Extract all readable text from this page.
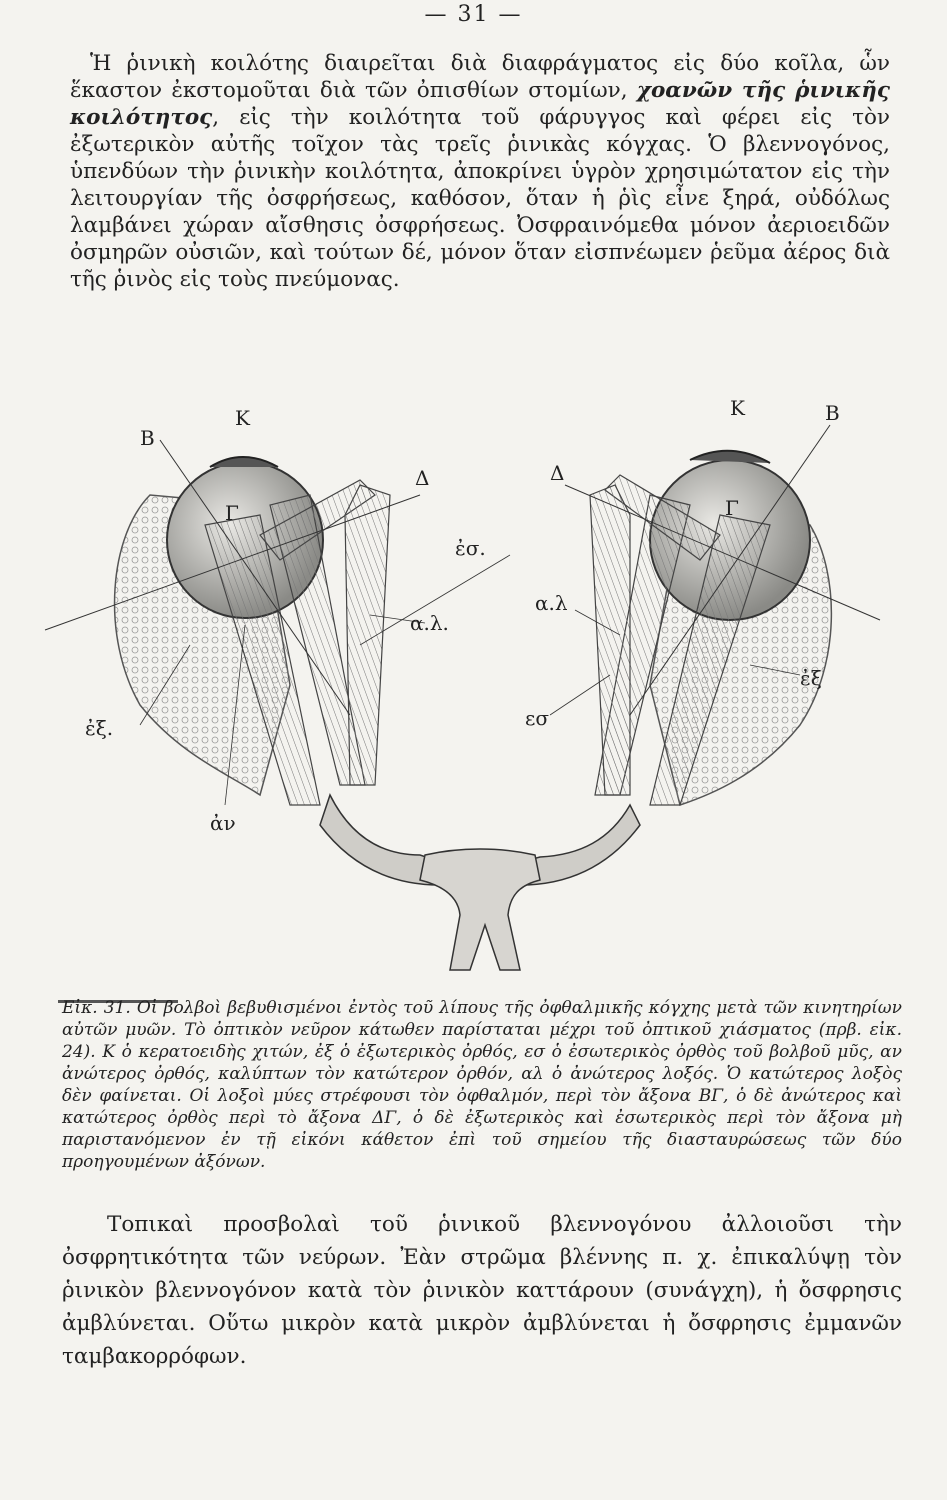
— 31 —

Ἡ ῥινικὴ κοιλότης διαιρεῖται διὰ διαφράγματος εἰς δύο κοῖλα, ὧν ἕκαστον ἐκστομοῦται διὰ τῶν ὀπισθίων στομίων, χοανῶν τῆς ῥινικῆς κοιλότητος, εἰς τὴν κοιλότητα τοῦ φάρυγγος καὶ φέρει εἰς τὸν ἐξωτερικὸν αὐτῆς τοῖχον τὰς τρεῖς ῥινικὰς κόγχας. Ὁ βλεννογόνος, ὑπενδύων τὴν ῥινικὴν κοιλότητα, ἀποκρίνει ὑγρὸν χρησιμώτατον εἰς τὴν λειτουργίαν τῆς ὀσφρήσεως, καθόσον, ὅταν ἡ ῥὶς εἶνε ξηρά, οὐδόλως λαμβάνει χώραν αἴσθησις ὀσφρήσεως. Ὀσφραινόμεθα μόνον ἀεριοειδῶν ὀσμηρῶν οὐσιῶν, καὶ τούτων δέ, μόνον ὅταν εἰσπνέωμεν ῥεῦμα ἀέρος διὰ τῆς ῥινὸς εἰς τοὺς πνεύμονας.

Β
Κ
Γ
Δ
ἐσ.
α.λ.
ἐξ.
ἀν
Κ	Β
Δ
Γ
α.λ
ἐξ
εσ
Εἰκ. 31. Οἱ βολβοὶ βεβυθισμένοι ἐντὸς τοῦ λίπους τῆς ὀφθαλμικῆς κόγχης μετὰ τῶν κινητηρίων αὐτῶν μυῶν. Τὸ ὀπτικὸν νεῦρον κάτωθεν παρίσταται μέχρι τοῦ ὀπτικοῦ χιάσματος (πρβ. εἰκ. 24). Κ ὁ κερατοειδὴς χιτών, ἐξ ὁ ἐξωτερικὸς ὀρθός, εσ ὁ ἐσωτερικὸς ὀρθὸς τοῦ βολβοῦ μῦς, αν ἀνώτερος ὀρθός, καλύπτων τὸν κατώτερον ὀρθόν, αλ ὁ ἀνώτερος λοξός. Ὁ κατώτερος λοξὸς δὲν φαίνεται. Οἱ λοξοὶ μύες στρέφουσι τὸν ὀφθαλμόν, περὶ τὸν ἄξονα ΒΓ, ὁ δὲ ἀνώτερος καὶ κατώτερος ὀρθὸς περὶ τὸ ἄξονα ΔΓ, ὁ δὲ ἐξωτερικὸς καὶ ἐσωτερικὸς περὶ τὸν ἄξονα μὴ παριστανόμενον ἐν τῇ εἰκόνι κάθετον ἐπὶ τοῦ σημείου τῆς διασταυρώσεως τῶν δύο προηγουμένων ἀξόνων.

Τοπικαὶ προσβολαὶ τοῦ ῥινικοῦ βλεννογόνου ἀλλοιοῦσι τὴν ὀσφρητικότητα τῶν νεύρων. Ἐὰν στρῶμα βλέννης π. χ. ἐπικαλύψῃ τὸν ῥινικὸν βλεννογόνον κατὰ τὸν ῥινικὸν καττάρουν (συνάγχη), ἡ ὄσφρησις ἀμβλύνεται. Οὕτω μικρὸν κατὰ μικρὸν ἀμβλύνεται ἡ ὄσφρησις ἐμμανῶν ταμβακορρόφων.
